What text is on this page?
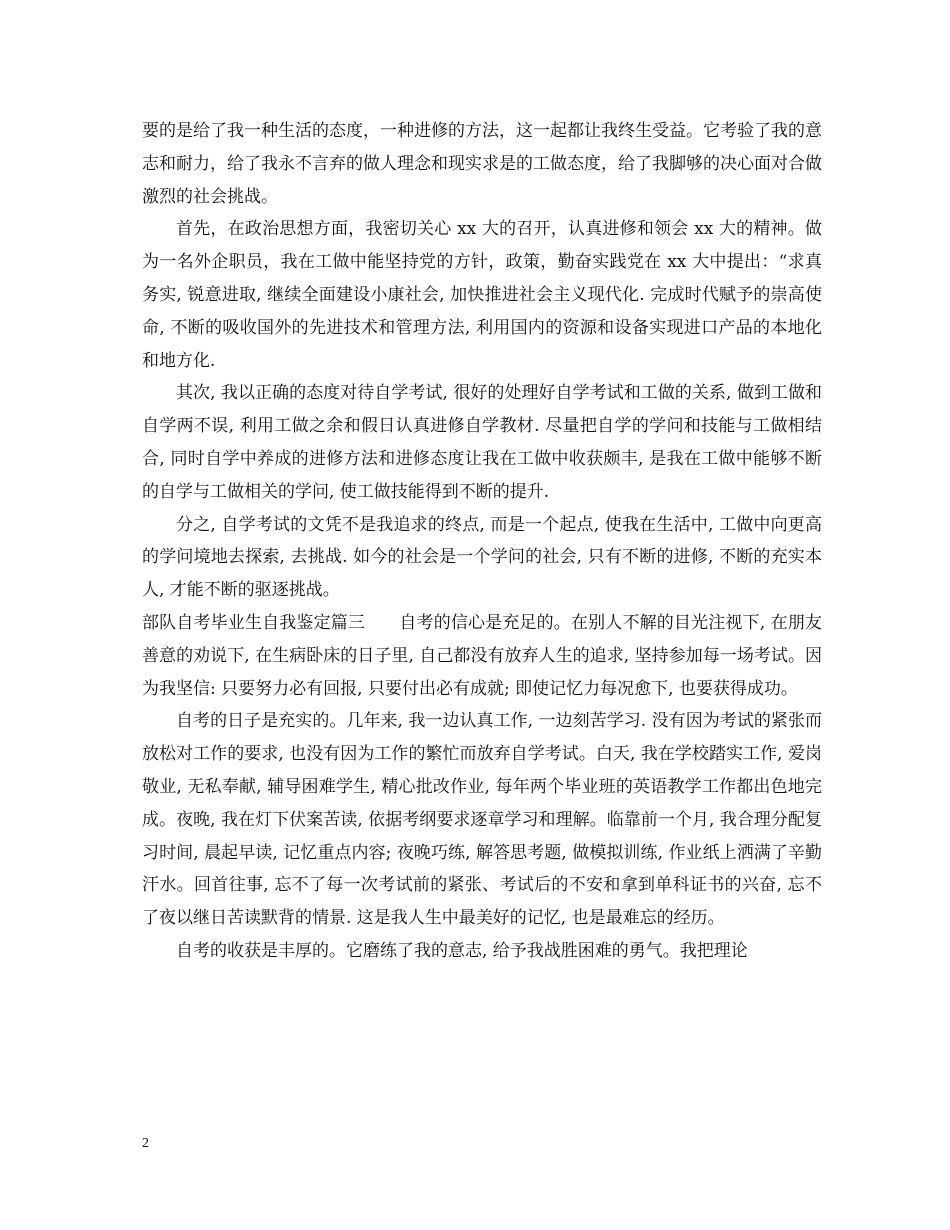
要的是给了我一种生活的态度，一种进修的方法，这一起都让我终生受益。它考验了我的意志和耐力，给了我永不言弃的做人理念和现实求是的工做态度，给了我脚够的决心面对合做激烈的社会挑战。

首先，在政治思想方面，我密切关心 xx 大的召开，认真进修和领会 xx 大的精神。做为一名外企职员，我在工做中能坚持党的方针，政策，勤奋实践党在 xx 大中提出：“求真务实, 锐意进取, 继续全面建设小康社会, 加快推进社会主义现代化. 完成时代赋予的崇高使命, 不断的吸收国外的先进技术和管理方法, 利用国内的资源和设备实现进口产品的本地化和地方化.

其次, 我以正确的态度对待自学考试, 很好的处理好自学考试和工做的关系, 做到工做和自学两不误, 利用工做之余和假日认真进修自学教材. 尽量把自学的学问和技能与工做相结合, 同时自学中养成的进修方法和进修态度让我在工做中收获颇丰, 是我在工做中能够不断的自学与工做相关的学问, 使工做技能得到不断的提升.

分之, 自学考试的文凭不是我追求的终点, 而是一个起点, 使我在生活中, 工做中向更高的学问境地去探索, 去挑战. 如今的社会是一个学问的社会, 只有不断的进修, 不断的充实本人, 才能不断的驱逐挑战。

部队自考毕业生自我鉴定篇三　　自考的信心是充足的。在别人不解的目光注视下, 在朋友善意的劝说下, 在生病卧床的日子里, 自己都没有放弃人生的追求, 坚持参加每一场考试。因为我坚信: 只要努力必有回报, 只要付出必有成就; 即使记忆力每况愈下, 也要获得成功。

自考的日子是充实的。几年来, 我一边认真工作, 一边刻苦学习. 没有因为考试的紧张而放松对工作的要求, 也没有因为工作的繁忙而放弃自学考试。白天, 我在学校踏实工作, 爱岗敬业, 无私奉献, 辅导困难学生, 精心批改作业, 每年两个毕业班的英语教学工作都出色地完成。夜晚, 我在灯下伏案苦读, 依据考纲要求逐章学习和理解。临靠前一个月, 我合理分配复习时间, 晨起早读, 记忆重点内容; 夜晚巧练, 解答思考题, 做模拟训练, 作业纸上洒满了辛勤汗水。回首往事, 忘不了每一次考试前的紧张、考试后的不安和拿到单科证书的兴奋, 忘不了夜以继日苦读默背的情景. 这是我人生中最美好的记忆, 也是最难忘的经历。

自考的收获是丰厚的。它磨练了我的意志, 给予我战胜困难的勇气。我把理论

2
